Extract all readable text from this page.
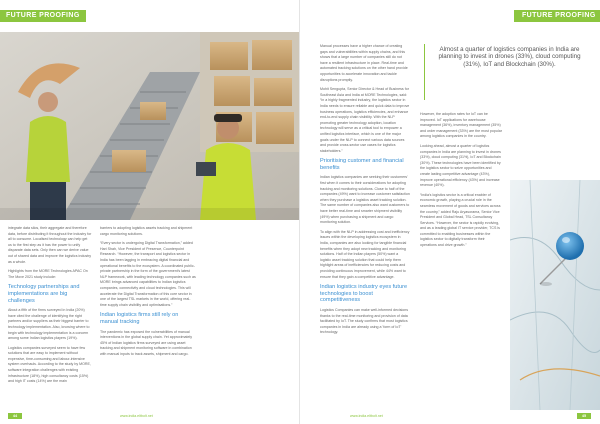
FUTURE PROOFING

integrate data silos, their aggregate and therefore data, before distributing it throughout the industry for all to consume. Localised technology can help get us to the first step as it has the power to unify disparate data sets. Only then can we derive value out of shared data and improve the logistics industry as a whole.

Highlights from the MORE Technologies APAC On The Move 2021 study include:

Technology partnerships and implementations are big challenges

About a fifth of the firms surveyed in India (20%) have cited the challenge of identifying the right partners and/or suppliers as their biggest barrier to technology implementation. Also, knowing where to begin with technology implementation is a concern among some Indian logistics players (19%).

Logistics companies surveyed seem to have few solutions that are easy to implement without expensive, time-consuming and labour-intensive system overhauls. According to the study by MORE, software integration challenges with existing infrastructure (18%), high consultancy costs (15%) and high IT costs (14%) are the main

barriers to adopting logistics assets tracking and shipment cargo monitoring solutions.

“Every sector is undergoing Digital Transformation,” added Hari Shah, Vice President of Presence, Counterpoint Research. “However, the transport and logistics sector in India has been lagging in embracing digital financial and operational benefits to the ecosystem. A coordinated public-private partnership in the form of the government's latest NLP framework, with leading technology companies such as MORE brings advanced capabilities to Indian logistics companies, connectivity and cloud technologies. This will accelerate the Digital Transformation of this core sector in one of the largest TSL markets in the world, offering real-time supply chain visibility and optimisations.”

Indian logistics firms still rely on manual tracking

The pandemic has exposed the vulnerabilities of manual interventions in the global supply chain. Yet approximately 45% of Indian logistics firms surveyed are using asset tracking and shipment monitoring software in combination with manual inputs to track assets, shipment and cargo.

www.india.eltbolt.net
44
FUTURE PROOFING

Manual processes have a higher chance of creating gaps and vulnerabilities within supply chains, and this shows that a large number of companies still do not have a resilient infrastructure in place. Real-time and automated tracking solutions on the other hand provide opportunities to accelerate innovation and tackle disruptions promptly.

Mohit Sengupta, Senior Director & Head of Business for Southeast Asia and India at MORE Technologies, said: “In a highly fragmented industry, the logistics sector in India needs to ensure reliable and quick data to improve business operations, logistics efficiencies, and enhance end-to-end supply chain visibility. With the NLP promoting greater technology adoption, location technology will serve as a critical tool to empower a unified logistics interface, which is one of the major goals under the NLP to connect various data sources and provide cross-sector use cases for logistics stakeholders.”

Prioritising customer and financial benefits

Indian logistics companies are seeking their customers' first when it comes to their considerations for adopting tracking and monitoring solutions. Close to half of the companies (49%) want to increase customer satisfaction when they purchase a logistics asset tracking solution. The same number of companies also want customers to have better real-time and smarter shipment visibility (49%) when purchasing a shipment and cargo monitoring solution.

To align with the NLP in addressing cost and inefficiency issues within the developing logistics ecosystem in India, companies are also looking for tangible financial benefits when they adopt new tracking and monitoring solutions. Half of the Indian players (50%) want a logistic asset tracking solution that could help them highlight areas of inefficiencies for reducing costs and providing continuous improvement, while 44% want to ensure that they gain a competitive advantage.

Indian logistics industry eyes future technologies to boost competitiveness

Logistics Companies can make well-informed decisions thanks to the real-time monitoring and provision of data facilitated by IoT. The study confirms that most logistics companies in India are already using a 'form of IoT' technology.

Almost a quarter of logistics companies in India are planning to invest in drones (33%), cloud computing (31%), IoT and Blockchain (30%).

However, the adoption rates for IoT can be improved. IoT applications for warehouse management (36%), inventory management (35%) and order management (33%) are the most popular among logistics companies in the country.

Looking ahead, almost a quarter of logistics companies in India are planning to invest in drones (33%), cloud computing (31%), IoT and Blockchain (30%). These technologies have been identified by the logistics sector to seize opportunities and create lasting competitive advantage (43%), improve operational efficiency (43%) and increase revenue (40%).

“India's logistics sector is a critical enabler of economic growth, playing a crucial role in the seamless movement of goods and services across the country,” added Raju Aryasorama, Senior Vice President and Global Head, TSL Consultancy Services. “However, the sector is rapidly evolving, and as a leading global IT service provider, TCS is committed to enabling businesses within the logistics sector to digitally transform their operations and drive growth.”

www.india.eltbolt.net	45
